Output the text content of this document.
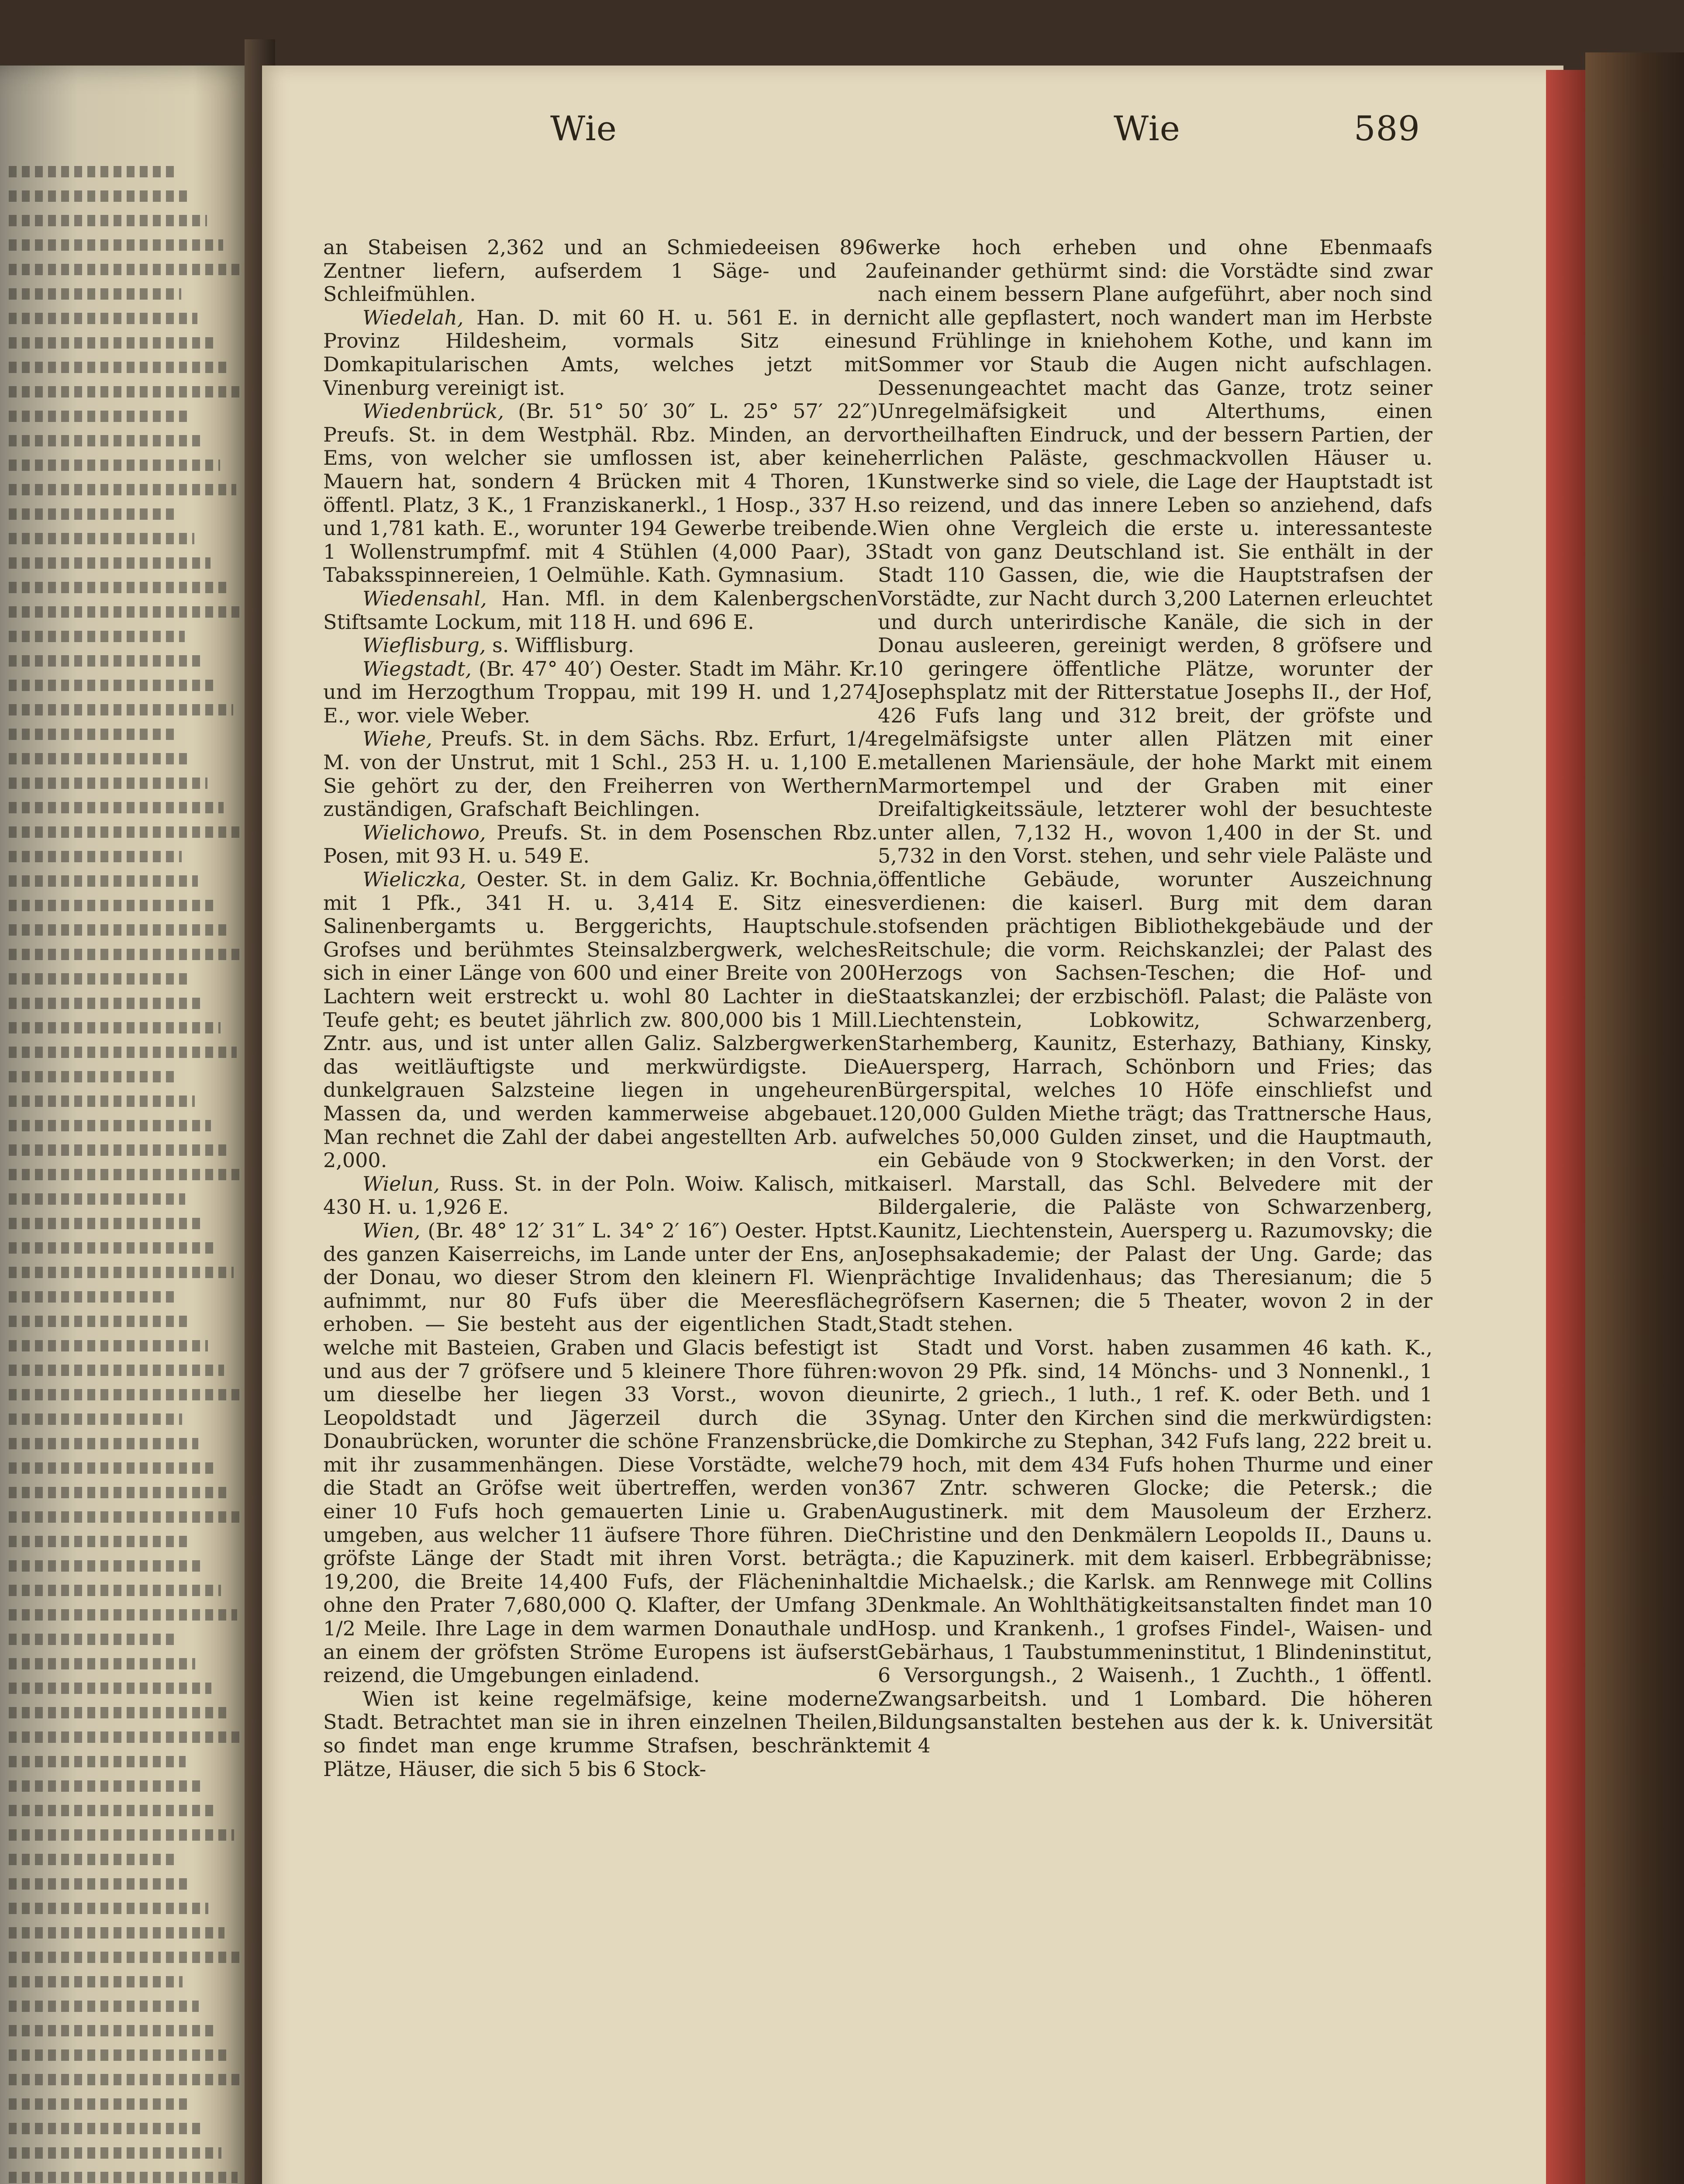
Wie	Wie	589

an Stabeisen 2,362 und an Schmiedeeisen 896 Zentner liefern, aufserdem 1 Säge- und 2 Schleifmühlen.

Wiedelah, Han. D. mit 60 H. u. 561 E. in der Provinz Hildesheim, vormals Sitz eines Domkapitularischen Amts, welches jetzt mit Vinenburg vereinigt ist.

Wiedenbrück, (Br. 51° 50′ 30″ L. 25° 57′ 22″) Preufs. St. in dem Westphäl. Rbz. Minden, an der Ems, von welcher sie umflossen ist, aber keine Mauern hat, sondern 4 Brücken mit 4 Thoren, 1 öffentl. Platz, 3 K., 1 Franziskanerkl., 1 Hosp., 337 H. und 1,781 kath. E., worunter 194 Gewerbe treibende. 1 Wollenstrumpfmf. mit 4 Stühlen (4,000 Paar), 3 Tabaksspinnereien, 1 Oelmühle. Kath. Gymnasium.

Wiedensahl, Han. Mfl. in dem Kalenbergschen Stiftsamte Lockum, mit 118 H. und 696 E.

Wieflisburg, s. Wifflisburg.

Wiegstadt, (Br. 47° 40′) Oester. Stadt im Mähr. Kr. und im Herzogthum Troppau, mit 199 H. und 1,274 E., wor. viele Weber.

Wiehe, Preufs. St. in dem Sächs. Rbz. Erfurt, 1/4 M. von der Unstrut, mit 1 Schl., 253 H. u. 1,100 E. Sie gehört zu der, den Freiherren von Werthern zuständigen, Grafschaft Beichlingen.

Wielichowo, Preufs. St. in dem Posenschen Rbz. Posen, mit 93 H. u. 549 E.

Wieliczka, Oester. St. in dem Galiz. Kr. Bochnia, mit 1 Pfk., 341 H. u. 3,414 E. Sitz eines Salinenbergamts u. Berggerichts, Hauptschule. Grofses und berühmtes Steinsalzbergwerk, welches sich in einer Länge von 600 und einer Breite von 200 Lachtern weit erstreckt u. wohl 80 Lachter in die Teufe geht; es beutet jährlich zw. 800,000 bis 1 Mill. Zntr. aus, und ist unter allen Galiz. Salzbergwerken das weitläuftigste und merkwürdigste. Die dunkelgrauen Salzsteine liegen in ungeheuren Massen da, und werden kammerweise abgebauet. Man rechnet die Zahl der dabei angestellten Arb. auf 2,000.

Wielun, Russ. St. in der Poln. Woiw. Kalisch, mit 430 H. u. 1,926 E.

Wien, (Br. 48° 12′ 31″ L. 34° 2′ 16″) Oester. Hptst. des ganzen Kaiserreichs, im Lande unter der Ens, an der Donau, wo dieser Strom den kleinern Fl. Wien aufnimmt, nur 80 Fufs über die Meeresfläche erhoben. — Sie besteht aus der eigentlichen Stadt, welche mit Basteien, Graben und Glacis befestigt ist und aus der 7 gröfsere und 5 kleinere Thore führen: um dieselbe her liegen 33 Vorst., wovon die Leopoldstadt und Jägerzeil durch die 3 Donaubrücken, worunter die schöne Franzensbrücke, mit ihr zusammenhängen. Diese Vorstädte, welche die Stadt an Gröfse weit übertreffen, werden von einer 10 Fufs hoch gemauerten Linie u. Graben umgeben, aus welcher 11 äufsere Thore führen. Die gröfste Länge der Stadt mit ihren Vorst. beträgt 19,200, die Breite 14,400 Fufs, der Flächeninhalt ohne den Prater 7,680,000 Q. Klafter, der Umfang 3 1/2 Meile. Ihre Lage in dem warmen Donauthale und an einem der gröfsten Ströme Europens ist äufserst reizend, die Umgebungen einladend.

Wien ist keine regelmäfsige, keine moderne Stadt. Betrachtet man sie in ihren einzelnen Theilen, so findet man enge krumme Strafsen, beschränkte Plätze, Häuser, die sich 5 bis 6 Stock-

werke hoch erheben und ohne Ebenmaafs aufeinander gethürmt sind: die Vorstädte sind zwar nach einem bessern Plane aufgeführt, aber noch sind nicht alle gepflastert, noch wandert man im Herbste und Frühlinge in kniehohem Kothe, und kann im Sommer vor Staub die Augen nicht aufschlagen. Dessenungeachtet macht das Ganze, trotz seiner Unregelmäfsigkeit und Alterthums, einen vortheilhaften Eindruck, und der bessern Partien, der herrlichen Paläste, geschmackvollen Häuser u. Kunstwerke sind so viele, die Lage der Hauptstadt ist so reizend, und das innere Leben so anziehend, dafs Wien ohne Vergleich die erste u. interessanteste Stadt von ganz Deutschland ist. Sie enthält in der Stadt 110 Gassen, die, wie die Hauptstrafsen der Vorstädte, zur Nacht durch 3,200 Laternen erleuchtet und durch unterirdische Kanäle, die sich in der Donau ausleeren, gereinigt werden, 8 gröfsere und 10 geringere öffentliche Plätze, worunter der Josephsplatz mit der Ritterstatue Josephs II., der Hof, 426 Fufs lang und 312 breit, der gröfste und regelmäfsigste unter allen Plätzen mit einer metallenen Mariensäule, der hohe Markt mit einem Marmortempel und der Graben mit einer Dreifaltigkeitssäule, letzterer wohl der besuchteste unter allen, 7,132 H., wovon 1,400 in der St. und 5,732 in den Vorst. stehen, und sehr viele Paläste und öffentliche Gebäude, worunter Auszeichnung verdienen: die kaiserl. Burg mit dem daran stofsenden prächtigen Bibliothekgebäude und der Reitschule; die vorm. Reichskanzlei; der Palast des Herzogs von Sachsen-Teschen; die Hof- und Staatskanzlei; der erzbischöfl. Palast; die Paläste von Liechtenstein, Lobkowitz, Schwarzenberg, Starhemberg, Kaunitz, Esterhazy, Bathiany, Kinsky, Auersperg, Harrach, Schönborn und Fries; das Bürgerspital, welches 10 Höfe einschliefst und 120,000 Gulden Miethe trägt; das Trattnersche Haus, welches 50,000 Gulden zinset, und die Hauptmauth, ein Gebäude von 9 Stockwerken; in den Vorst. der kaiserl. Marstall, das Schl. Belvedere mit der Bildergalerie, die Paläste von Schwarzenberg, Kaunitz, Liechtenstein, Auersperg u. Razumovsky; die Josephsakademie; der Palast der Ung. Garde; das prächtige Invalidenhaus; das Theresianum; die 5 gröfsern Kasernen; die 5 Theater, wovon 2 in der Stadt stehen.

Stadt und Vorst. haben zusammen 46 kath. K., wovon 29 Pfk. sind, 14 Mönchs- und 3 Nonnenkl., 1 unirte, 2 griech., 1 luth., 1 ref. K. oder Beth. und 1 Synag. Unter den Kirchen sind die merkwürdigsten: die Domkirche zu Stephan, 342 Fufs lang, 222 breit u. 79 hoch, mit dem 434 Fufs hohen Thurme und einer 367 Zntr. schweren Glocke; die Petersk.; die Augustinerk. mit dem Mausoleum der Erzherz. Christine und den Denkmälern Leopolds II., Dauns u. a.; die Kapuzinerk. mit dem kaiserl. Erbbegräbnisse; die Michaelsk.; die Karlsk. am Rennwege mit Collins Denkmale. An Wohlthätigkeitsanstalten findet man 10 Hosp. und Krankenh., 1 grofses Findel-, Waisen- und Gebärhaus, 1 Taubstummeninstitut, 1 Blindeninstitut, 6 Versorgungsh., 2 Waisenh., 1 Zuchth., 1 öffentl. Zwangsarbeitsh. und 1 Lombard. Die höheren Bildungsanstalten bestehen aus der k. k. Universität mit 4
